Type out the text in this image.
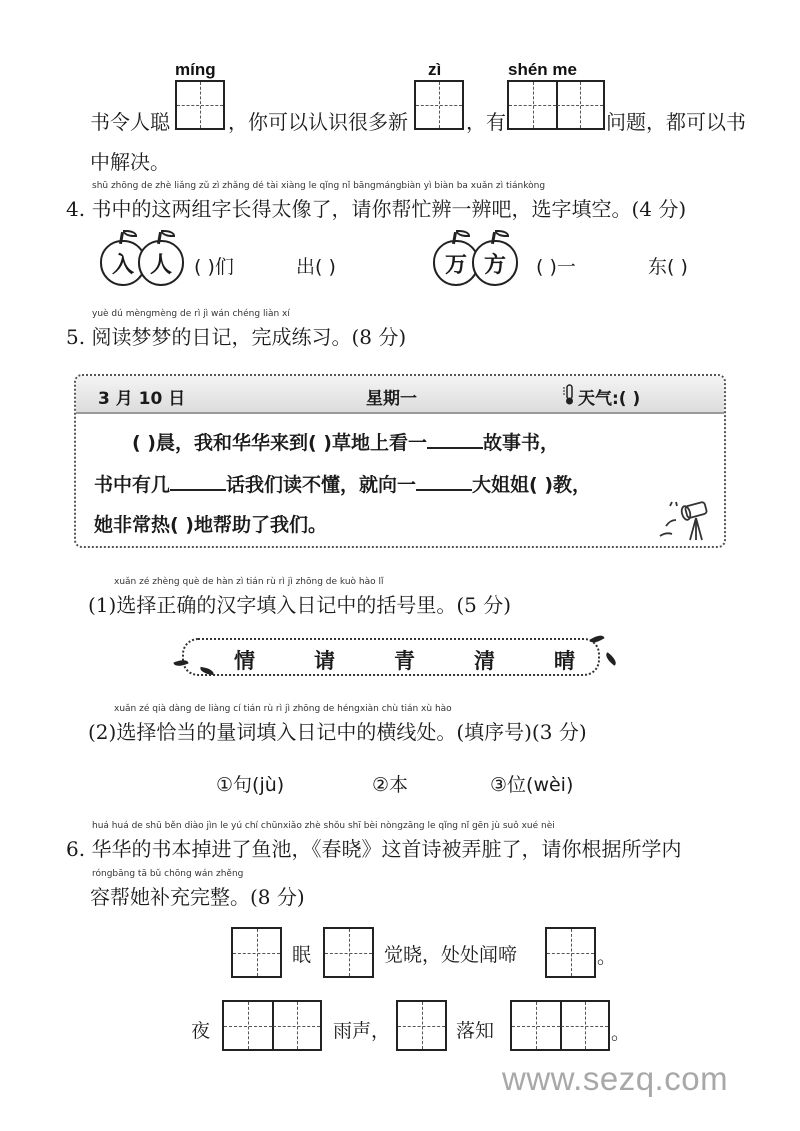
míng	zì	shén me
书令人聪	，你可以认识很多新	，有	问题，都可以书
中解决。
shū zhōng de zhè liǎng zǔ zì zhǎng dé tài xiàng le qǐng nǐ bāngmángbiàn yì biàn ba xuǎn zì tiánkòng
4. 书中的这两组字长得太像了，请你帮忙辨一辨吧，选字填空。(4 分)
入 人 ( )们	出( )	万 方 ( )一	东( )
yuè dú mèngmèng de rì jì wán chéng liàn xí
5. 阅读梦梦的日记，完成练习。(8 分)
3 月 10 日	星期一	天气:( )
( )晨，我和华华来到( )草地上看一	故事书，
书中有几	话我们读不懂，就向一	大姐姐( )教，
她非常热( )地帮助了我们。
xuǎn zé zhèng què de hàn zì tián rù rì jì zhōng de kuò hào lǐ
(1)选择正确的汉字填入日记中的括号里。(5 分)
情	请	青	清	晴
xuǎn zé qià dàng de liàng cí tián rù rì jì zhōng de héngxiàn chù tián xù hào
(2)选择恰当的量词填入日记中的横线处。(填序号)(3 分)
①句(jù)	②本	③位(wèi)
huá huá de shū běn diào jìn le yú chí chūnxiǎo zhè shǒu shī bèi nòngzāng le qǐng nǐ gēn jù suǒ xué nèi
6. 华华的书本掉进了鱼池，《春晓》这首诗被弄脏了，请你根据所学内
róngbāng tā bǔ chōng wán zhěng
容帮她补充完整。(8 分)
眠	觉晓，处处闻啼	。
夜	雨声，	落知	。
www.sezq.com
